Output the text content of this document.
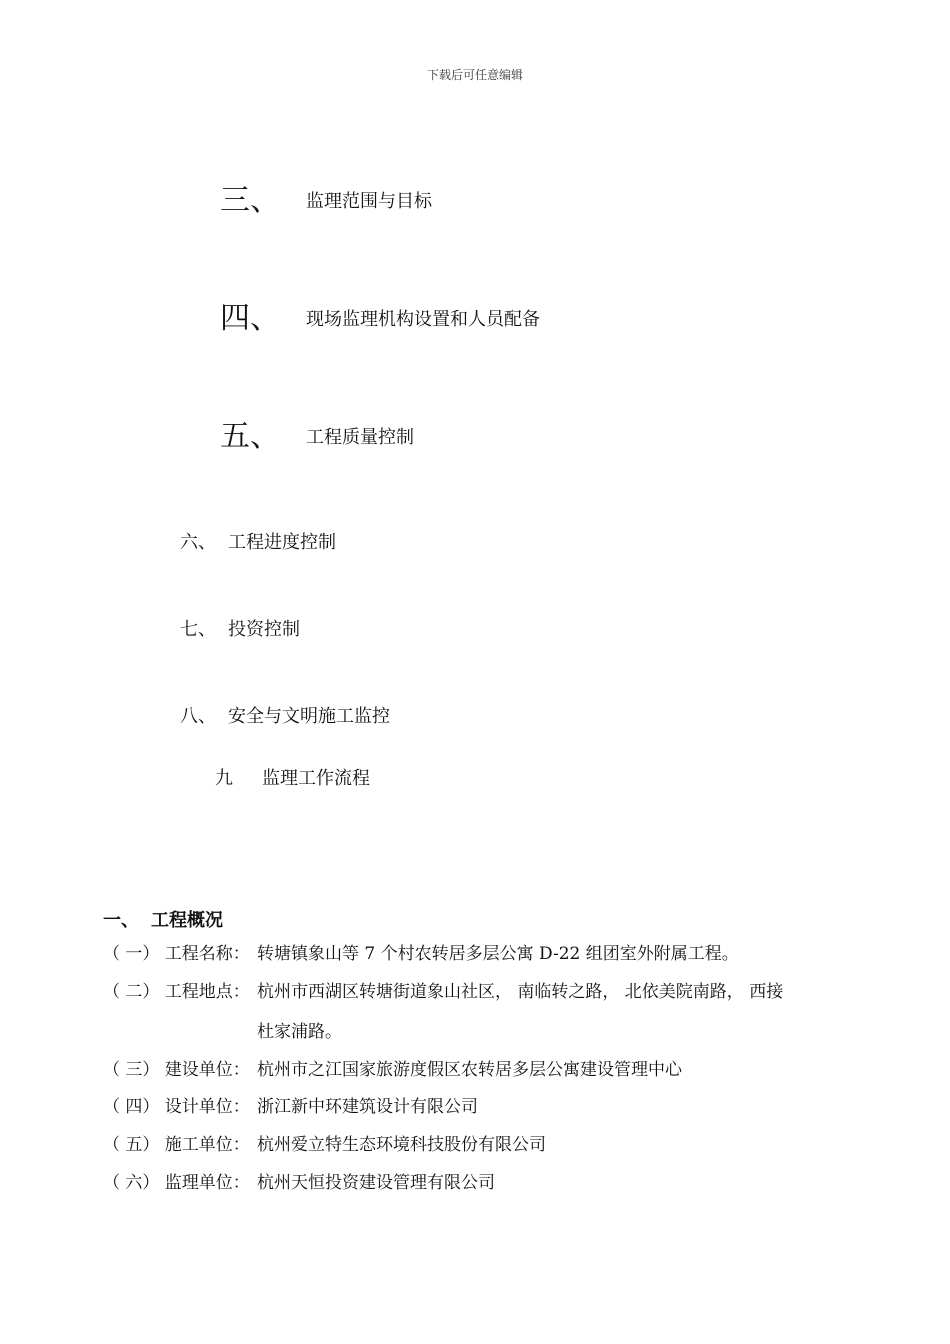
下载后可任意编辑
三、 监理范围与目标
四、 现场监理机构设置和人员配备
五、 工程质量控制
六、 工程进度控制
七、 投资控制
八、 安全与文明施工监控
九 监理工作流程
一、 工程概况
（ 一） 工程名称： 转塘镇象山等 7 个村农转居多层公寓 D-22 组团室外附属工程。
（ 二） 工程地点： 杭州市西湖区转塘街道象山社区， 南临转之路， 北依美院南路， 西接
杜家浦路。
（ 三） 建设单位： 杭州市之江国家旅游度假区农转居多层公寓建设管理中心
（ 四） 设计单位： 浙江新中环建筑设计有限公司
（ 五） 施工单位： 杭州爱立特生态环境科技股份有限公司
（ 六） 监理单位： 杭州天恒投资建设管理有限公司
